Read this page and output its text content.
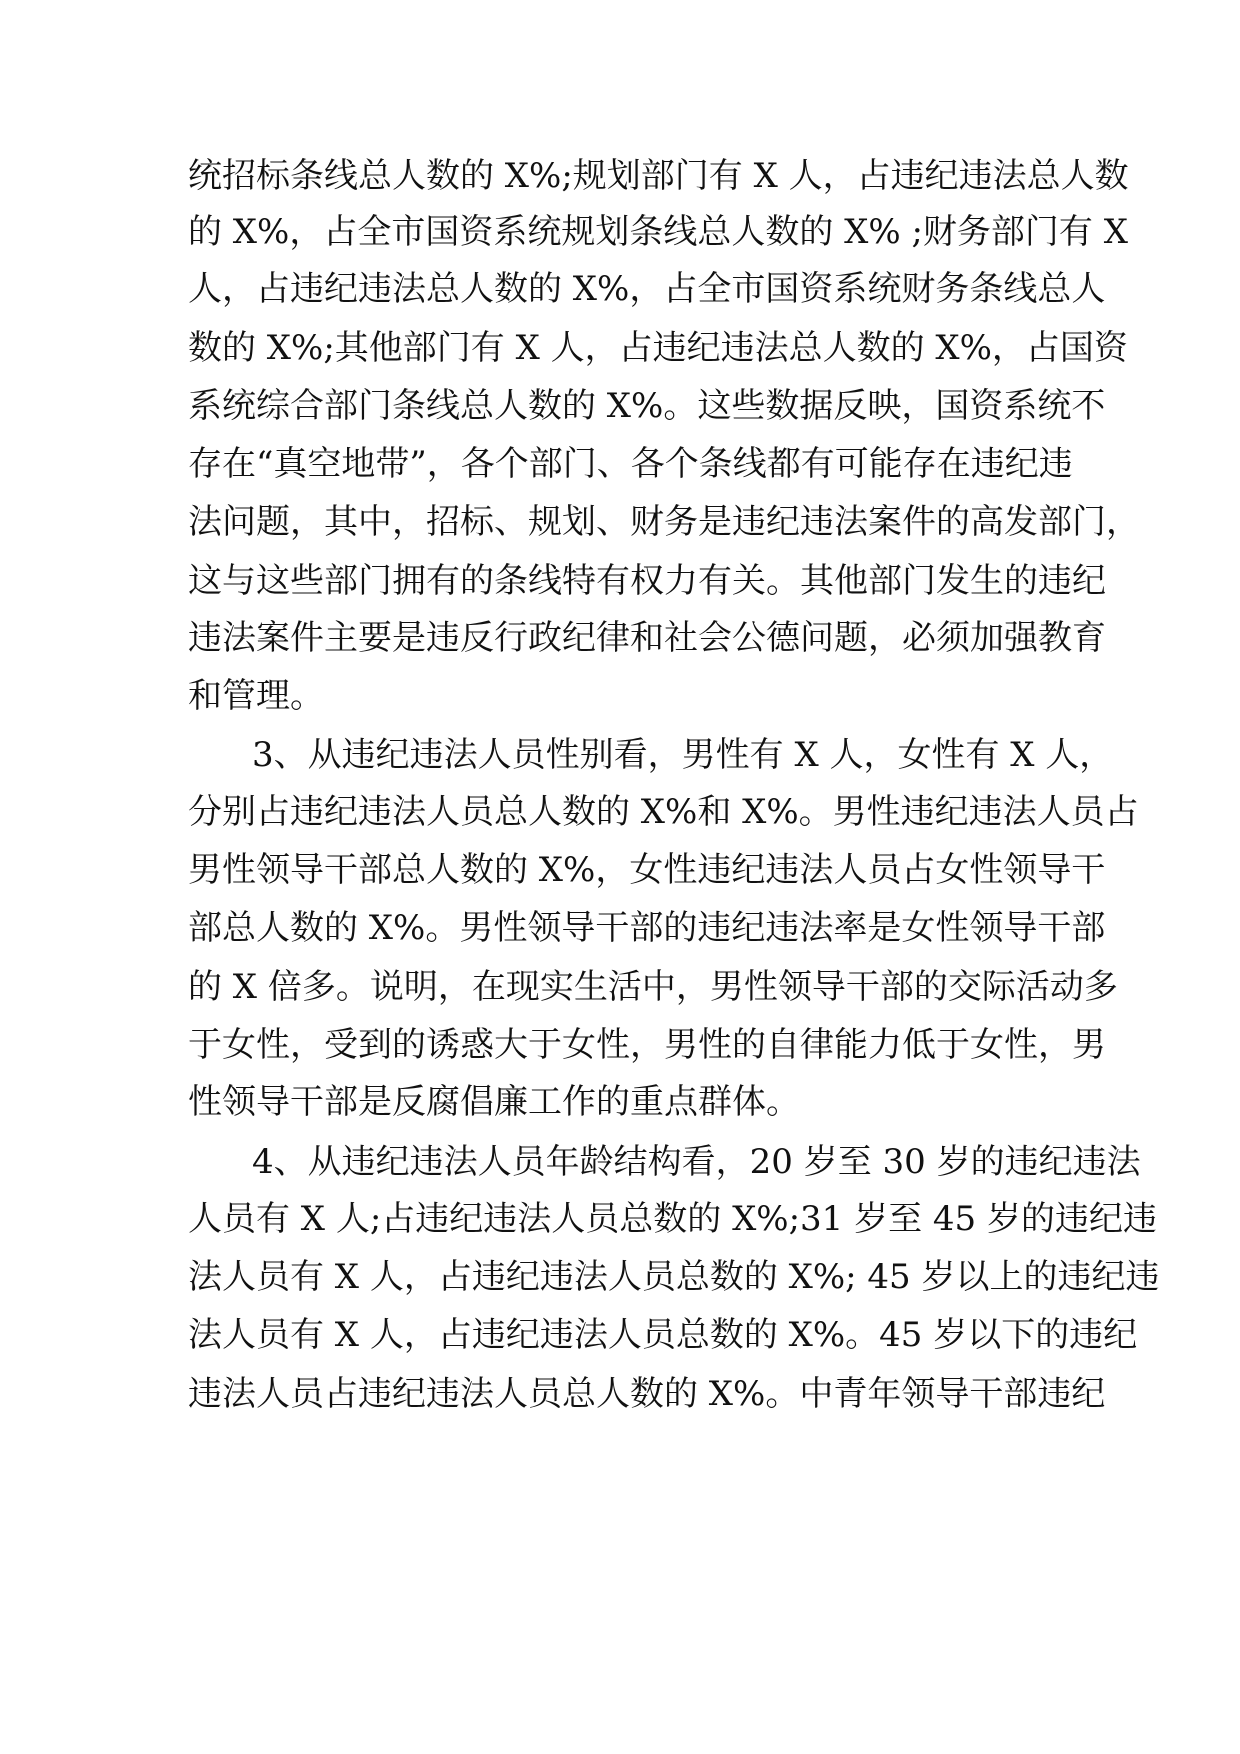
统招标条线总人数的 X%;规划部门有 X 人，占违纪违法总人数
的 X%，占全市国资系统规划条线总人数的 X% ;财务部门有 X
人，占违纪违法总人数的 X%，占全市国资系统财务条线总人
数的 X%;其他部门有 X 人，占违纪违法总人数的 X%，占国资
系统综合部门条线总人数的 X%。这些数据反映，国资系统不
存在“真空地带”，各个部门、各个条线都有可能存在违纪违
法问题，其中，招标、规划、财务是违纪违法案件的高发部门，
这与这些部门拥有的条线特有权力有关。其他部门发生的违纪
违法案件主要是违反行政纪律和社会公德问题，必须加强教育
和管理。
3、从违纪违法人员性别看，男性有 X 人，女性有 X 人，
分别占违纪违法人员总人数的 X%和 X%。男性违纪违法人员占
男性领导干部总人数的 X%，女性违纪违法人员占女性领导干
部总人数的 X%。男性领导干部的违纪违法率是女性领导干部
的 X 倍多。说明，在现实生活中，男性领导干部的交际活动多
于女性，受到的诱惑大于女性，男性的自律能力低于女性，男
性领导干部是反腐倡廉工作的重点群体。
4、从违纪违法人员年龄结构看，20 岁至 30 岁的违纪违法
人员有 X 人;占违纪违法人员总数的 X%;31 岁至 45 岁的违纪违
法人员有 X 人，占违纪违法人员总数的 X%; 45 岁以上的违纪违
法人员有 X 人，占违纪违法人员总数的 X%。45 岁以下的违纪
违法人员占违纪违法人员总人数的 X%。中青年领导干部违纪
